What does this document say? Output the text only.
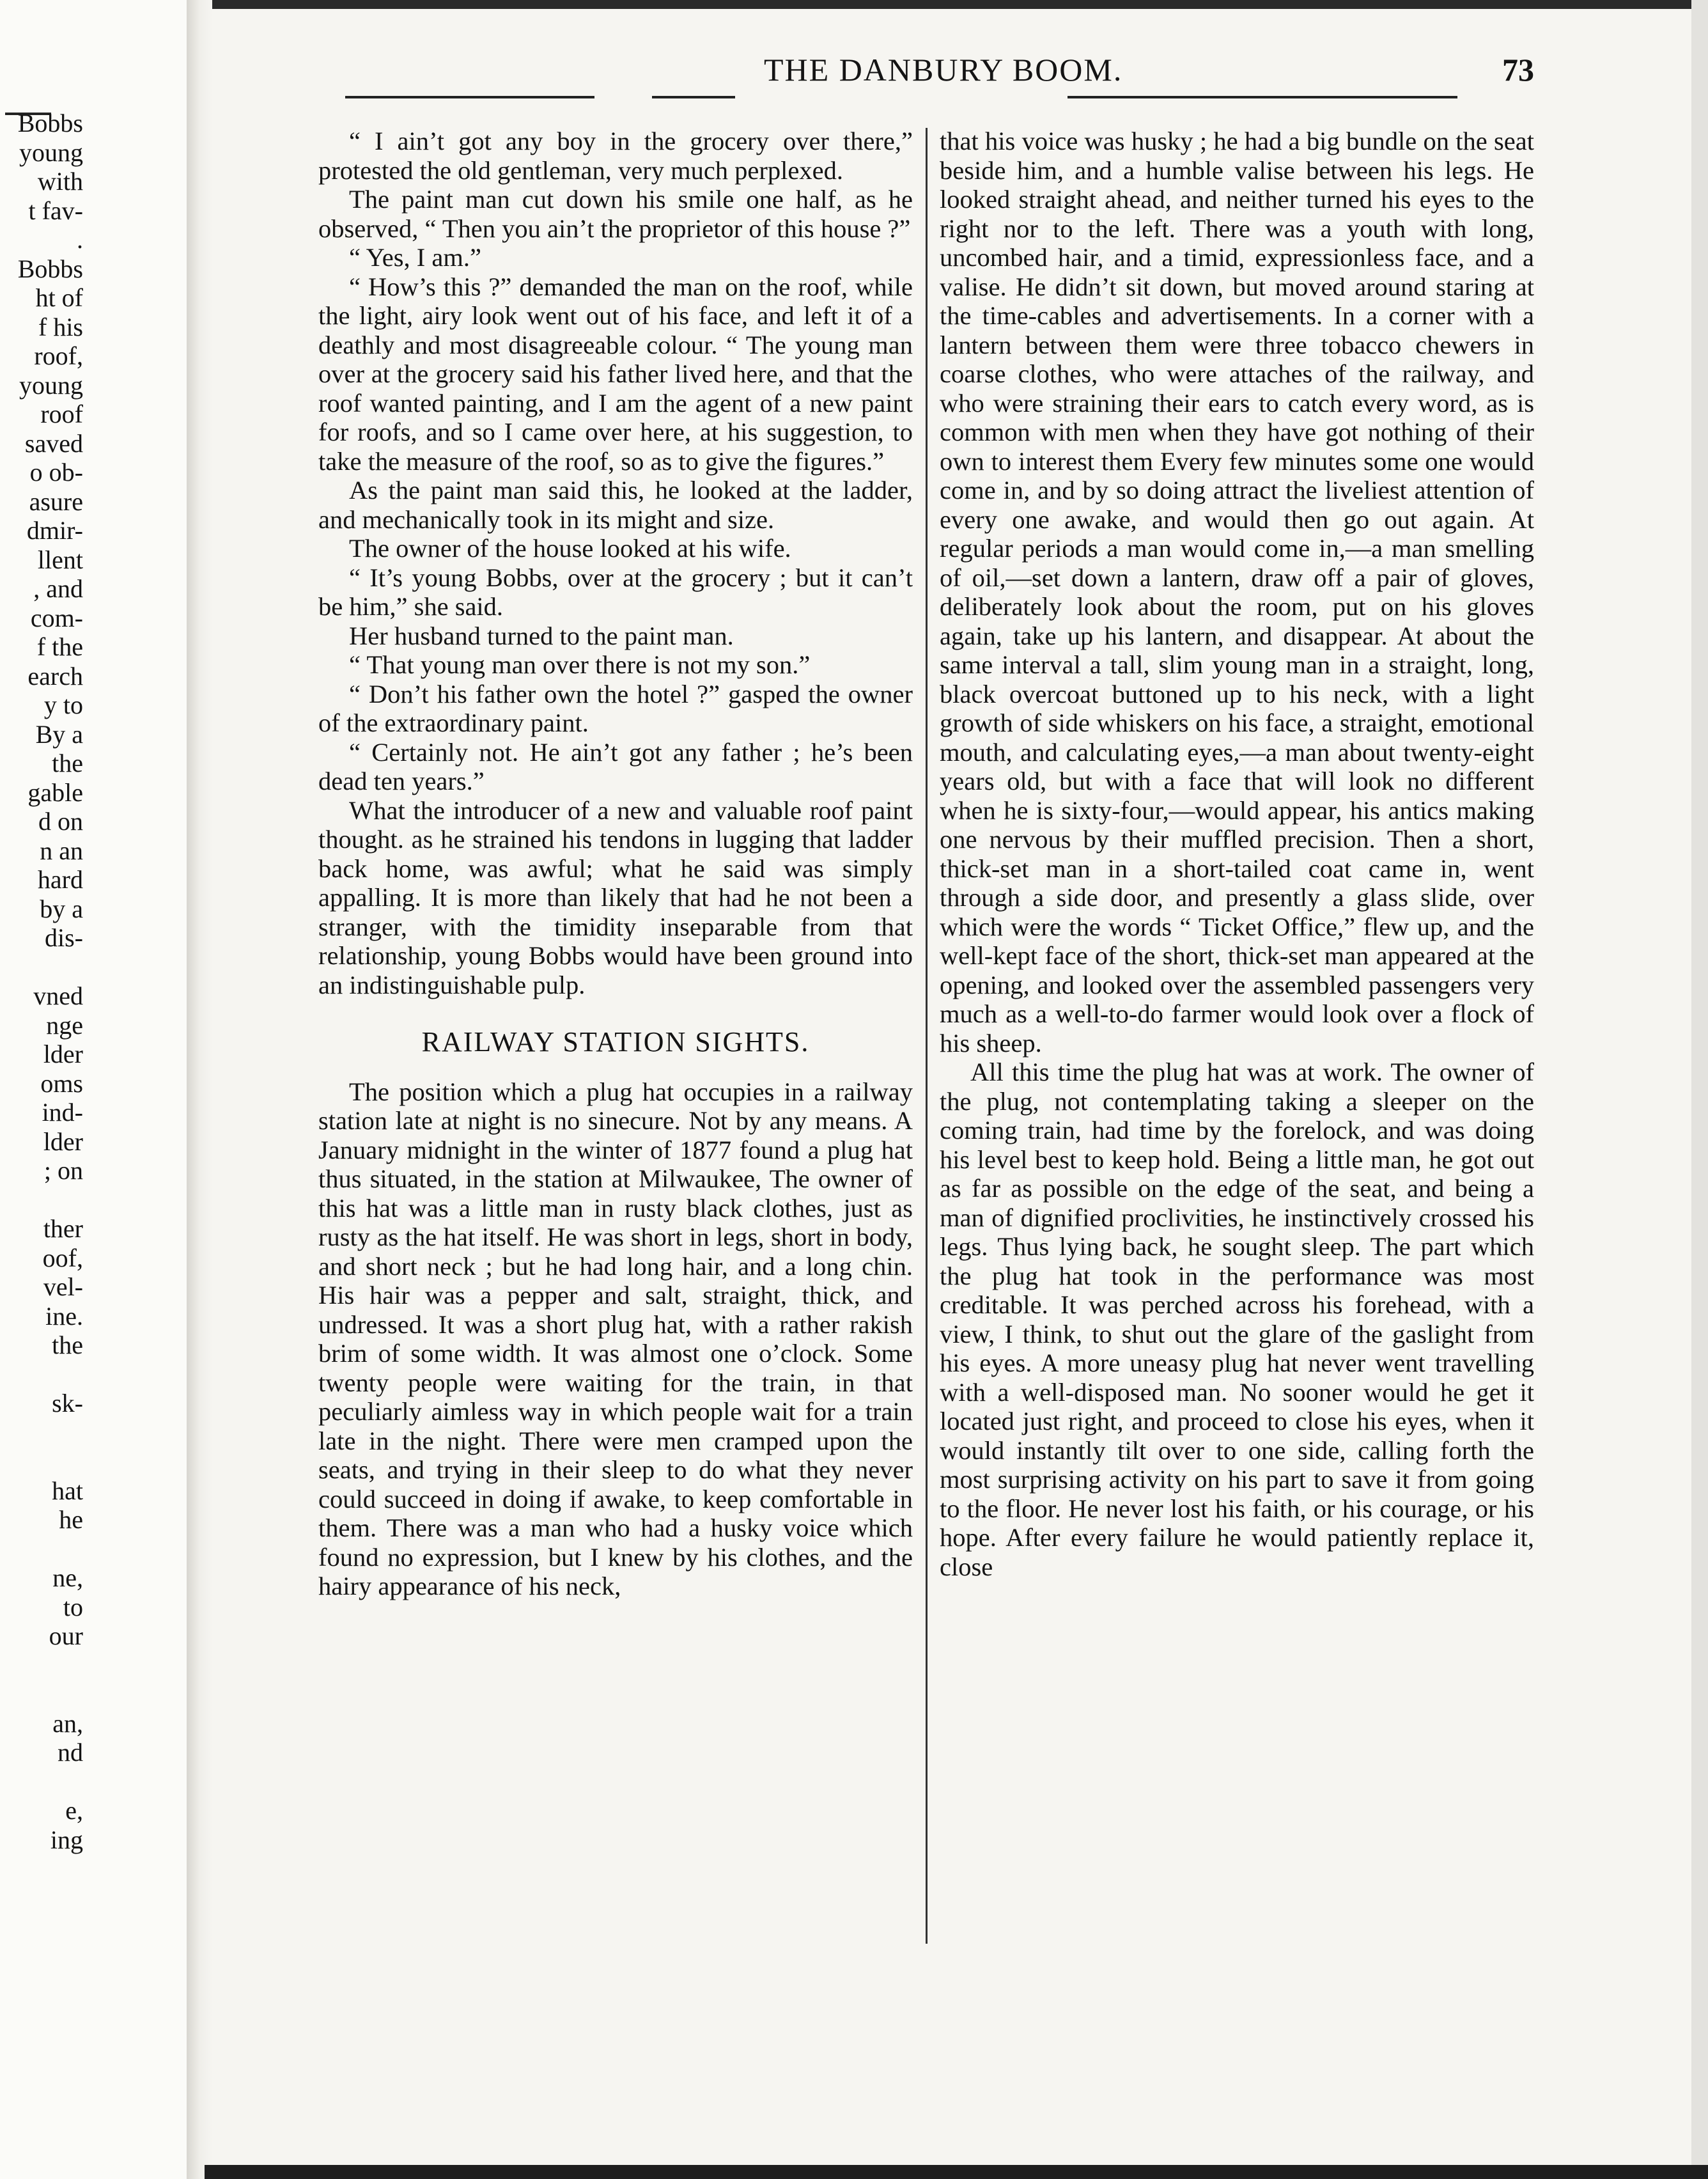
Bobbs
young
with
t fav-
.
Bobbs
ht of
f his
roof,
young
roof
saved
o ob-
asure
dmir-
llent
, and
com-
f the
earch
y to
By a
the
gable
d on
n an
hard
by a
dis-
vned
nge
lder
oms
ind-
lder
; on
ther
oof,
vel-
ine.
the
sk-
hat
he
ne,
to
our
an,
nd
e,
ing
THE DANBURY BOOM.	73

“ I ain’t got any boy in the grocery over there,” protested the old gentleman, very much perplexed.

The paint man cut down his smile one half, as he observed, “ Then you ain’t the proprietor of this house ?”

“ Yes, I am.”

“ How’s this ?” demanded the man on the roof, while the light, airy look went out of his face, and left it of a deathly and most disagreeable colour. “ The young man over at the grocery said his father lived here, and that the roof wanted painting, and I am the agent of a new paint for roofs, and so I came over here, at his suggestion, to take the measure of the roof, so as to give the figures.”

As the paint man said this, he looked at the ladder, and mechanically took in its might and size.

The owner of the house looked at his wife.

“ It’s young Bobbs, over at the grocery ; but it can’t be him,” she said.

Her husband turned to the paint man.

“ That young man over there is not my son.”

“ Don’t his father own the hotel ?” gasped the owner of the extraordinary paint.

“ Certainly not. He ain’t got any father ; he’s been dead ten years.”

What the introducer of a new and valuable roof paint thought. as he strained his tendons in lugging that ladder back home, was awful; what he said was simply appalling. It is more than likely that had he not been a stranger, with the timidity inseparable from that relationship, young Bobbs would have been ground into an indistinguishable pulp.

RAILWAY STATION SIGHTS.

The position which a plug hat occupies in a railway station late at night is no sinecure. Not by any means. A January midnight in the winter of 1877 found a plug hat thus situated, in the station at Milwaukee, The owner of this hat was a little man in rusty black clothes, just as rusty as the hat itself. He was short in legs, short in body, and short neck ; but he had long hair, and a long chin. His hair was a pepper and salt, straight, thick, and undressed. It was a short plug hat, with a rather rakish brim of some width. It was almost one o’clock. Some twenty people were waiting for the train, in that peculiarly aimless way in which people wait for a train late in the night. There were men cramped upon the seats, and trying in their sleep to do what they never could succeed in doing if awake, to keep comfortable in them. There was a man who had a husky voice which found no expression, but I knew by his clothes, and the hairy appearance of his neck,

that his voice was husky ; he had a big bundle on the seat beside him, and a humble valise between his legs. He looked straight ahead, and neither turned his eyes to the right nor to the left. There was a youth with long, uncombed hair, and a timid, expressionless face, and a valise. He didn’t sit down, but moved around staring at the time-cables and advertisements. In a corner with a lantern between them were three tobacco chewers in coarse clothes, who were attaches of the railway, and who were straining their ears to catch every word, as is common with men when they have got nothing of their own to interest them Every few minutes some one would come in, and by so doing attract the liveliest attention of every one awake, and would then go out again. At regular periods a man would come in,—a man smelling of oil,—set down a lantern, draw off a pair of gloves, deliberately look about the room, put on his gloves again, take up his lantern, and disappear. At about the same interval a tall, slim young man in a straight, long, black overcoat buttoned up to his neck, with a light growth of side whiskers on his face, a straight, emotional mouth, and calculating eyes,—a man about twenty-eight years old, but with a face that will look no different when he is sixty-four,—would appear, his antics making one nervous by their muffled precision. Then a short, thick-set man in a short-tailed coat came in, went through a side door, and presently a glass slide, over which were the words “ Ticket Office,” flew up, and the well-kept face of the short, thick-set man appeared at the opening, and looked over the assembled passengers very much as a well-to-do farmer would look over a flock of his sheep.

All this time the plug hat was at work. The owner of the plug, not contemplating taking a sleeper on the coming train, had time by the forelock, and was doing his level best to keep hold. Being a little man, he got out as far as possible on the edge of the seat, and being a man of dignified proclivities, he instinctively crossed his legs. Thus lying back, he sought sleep. The part which the plug hat took in the performance was most creditable. It was perched across his forehead, with a view, I think, to shut out the glare of the gaslight from his eyes. A more uneasy plug hat never went travelling with a well-disposed man. No sooner would he get it located just right, and proceed to close his eyes, when it would instantly tilt over to one side, calling forth the most surprising activity on his part to save it from going to the floor. He never lost his faith, or his courage, or his hope. After every failure he would patiently replace it, close
